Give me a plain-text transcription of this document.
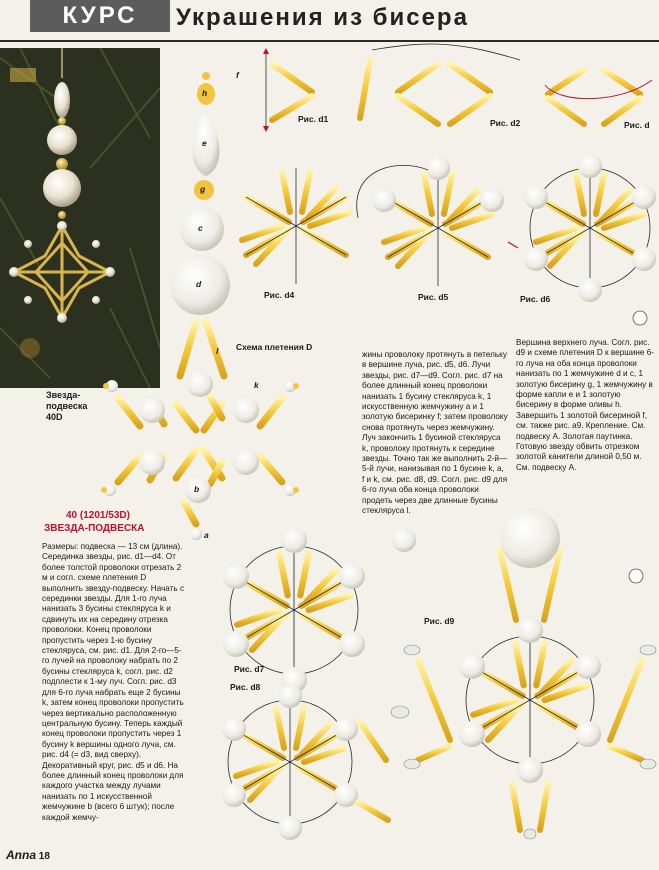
КУРС	Украшения из бисера
Рис. d1	Рис. d2	Рис. d
Рис. d4	Рис. d5	Рис. d6
Схема плетения D
Рис. d7
Рис. d8
Рис. d9
f
h
e
g
c
d
l
k
b
a
Звезда-
подвеска
40D
40 (1201/53D)
ЗВЕЗДА-ПОДВЕСКА
Размеры: подвеска — 13 см (длина).
Серединка звезды, рис. d1—d4. От более толстой проволоки отрезать 2 м и согл. схеме плетения D выполнить звезду-подвеску. Начать с серединки звезды. Для 1-го луча нанизать 3 бусины стекляруса k и сдвинуть их на середину отрезка проволоки. Конец проволоки пропустить через 1-ю бусину стекляруса, см. рис. d1. Для 2-го—5-го лучей на проволоку набрать по 2 бусины стекляруса k, согл. рис. d2 подплести к 1-му луч. Согл. рис. d3 для 6-го луча набрать еще 2 бусины k, затем конец проволоки пропустить через вертикально расположенную центральную бусину. Теперь каждый конец проволоки пропустить через 1 бусину k вершины одного луча, см. рис. d4 (= d3, вид сверху).
Декоративный круг, рис. d5 и d6. На более длинный конец проволоки для каждого участка между лучами нанизать по 1 искусственной жемчужине b (всего 6 штук); после каждой жемчу-
жины проволоку протянуть в петельку в вершине луча, рис. d5, d6. Лучи звезды, рис. d7—d9. Согл. рис. d7 на более длинный конец проволоки нанизать 1 бусину стекляруса k, 1 искусственную жемчужину a и 1 золотую бисеринку f; затем проволоку снова протянуть через жемчужину. Луч закончить 1 бусиной стекляруса k, проволоку протянуть к середине звезды. Точно так же выполнить 2-й—5-й лучи, нанизывая по 1 бусине k, a, f и k, см. рис. d8, d9. Согл. рис. d9 для 6-го луча оба конца проволоки продеть через две длинные бусины стекляруса l.
Вершина верхнего луча. Согл. рис. d9 и схеме плетения D к вершине 6-го луча на оба конца проволоки нанизать по 1 жемчужине d и c, 1 золотую бисерину g, 1 жемчужину в форме капли e и 1 золотую бисерину в форме оливы h. Завершить 1 золотой бисериной f, см. также рис. a9. Крепление. См. подвеску A. Золотая паутинка. Готовую звезду обвить отрезком золотой канители длиной 0,50 м. См. подвеску A.
Anna 18
